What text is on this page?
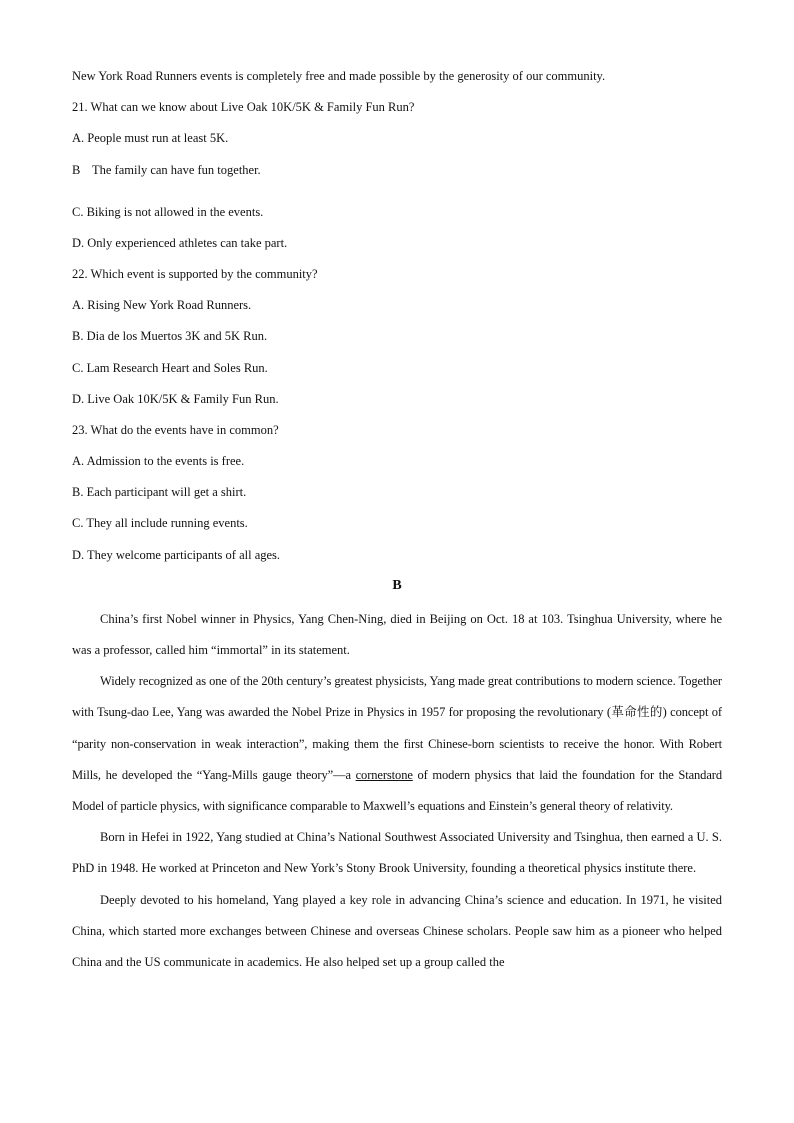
New York Road Runners events is completely free and made possible by the generosity of our community.
21. What can we know about Live Oak 10K/5K & Family Fun Run?
A. People must run at least 5K.
B The family can have fun together.
C. Biking is not allowed in the events.
D. Only experienced athletes can take part.
22. Which event is supported by the community?
A. Rising New York Road Runners.
B. Dia de los Muertos 3K and 5K Run.
C. Lam Research Heart and Soles Run.
D. Live Oak 10K/5K & Family Fun Run.
23. What do the events have in common?
A. Admission to the events is free.
B. Each participant will get a shirt.
C. They all include running events.
D. They welcome participants of all ages.
B

China’s first Nobel winner in Physics, Yang Chen-Ning, died in Beijing on Oct. 18 at 103. Tsinghua University, where he was a professor, called him “immortal” in its statement.

Widely recognized as one of the 20th century’s greatest physicists, Yang made great contributions to modern science. Together with Tsung-dao Lee, Yang was awarded the Nobel Prize in Physics in 1957 for proposing the revolutionary (革命性的) concept of “parity non-conservation in weak interaction”, making them the first Chinese-born scientists to receive the honor. With Robert Mills, he developed the “Yang-Mills gauge theory”—a cornerstone of modern physics that laid the foundation for the Standard Model of particle physics, with significance comparable to Maxwell’s equations and Einstein’s general theory of relativity.

Born in Hefei in 1922, Yang studied at China’s National Southwest Associated University and Tsinghua, then earned a U. S. PhD in 1948. He worked at Princeton and New York’s Stony Brook University, founding a theoretical physics institute there.

Deeply devoted to his homeland, Yang played a key role in advancing China’s science and education. In 1971, he visited China, which started more exchanges between Chinese and overseas Chinese scholars. People saw him as a pioneer who helped China and the US communicate in academics. He also helped set up a group called the
